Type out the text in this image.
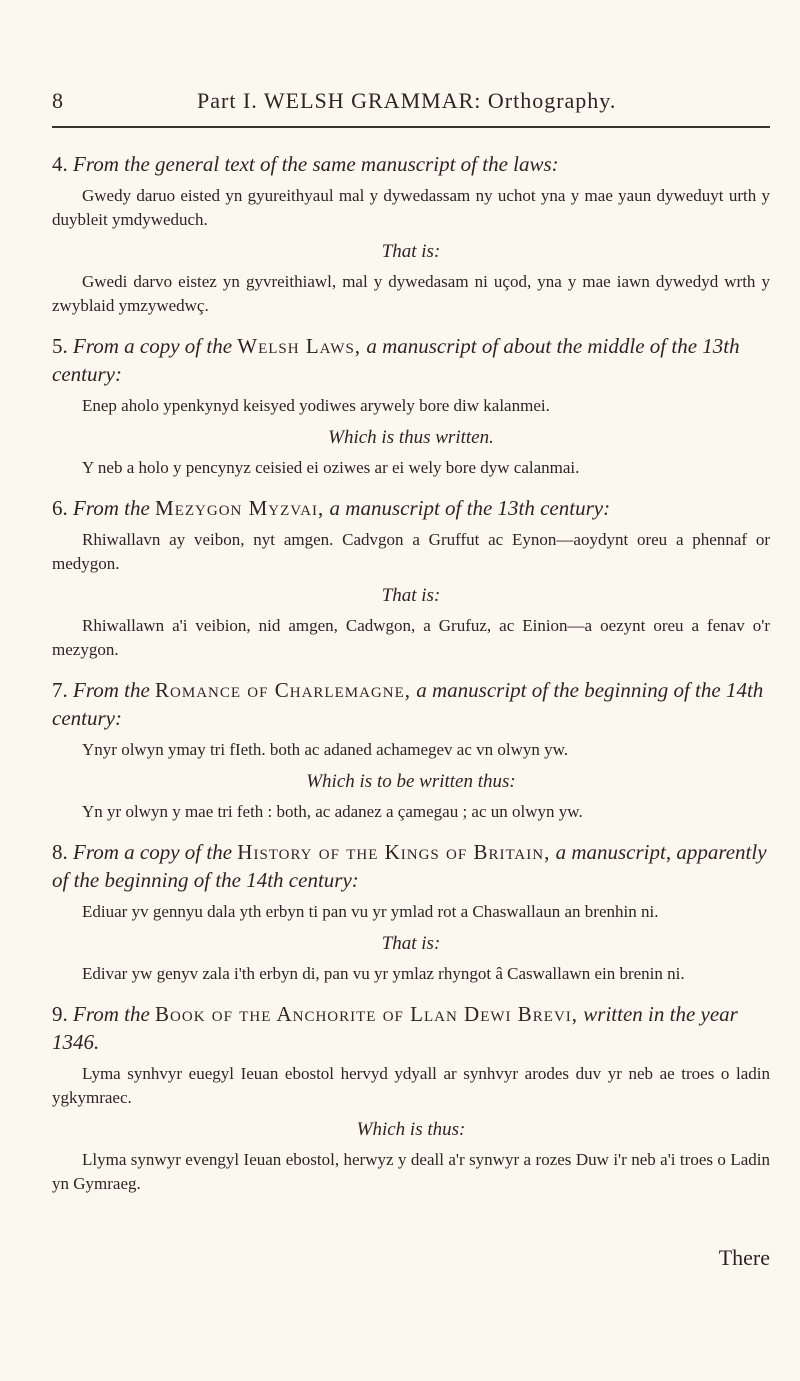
8	Part I. WELSH GRAMMAR: Orthography.
4. From the general text of the same manuscript of the laws:

Gwedy daruo eisted yn gyureithyaul mal y dywedassam ny uchot yna y mae yaun dyweduyt urth y duybleit ymdyweduch.

That is:

Gwedi darvo eistez yn gyvreithiawl, mal y dywedasam ni uçod, yna y mae iawn dywedyd wrth y zwyblaid ymzywedwç.

5. From a copy of the Welsh Laws, a manuscript of about the middle of the 13th century:

Enep aholo ypenkynyd keisyed yodiwes arywely bore diw kalanmei.

Which is thus written.

Y neb a holo y pencynyz ceisied ei oziwes ar ei wely bore dyw calanmai.

6. From the Mezygon Myzvai, a manuscript of the 13th century:

Rhiwallavn ay veibon, nyt amgen. Cadvgon a Gruffut ac Eynon—aoydynt oreu a phennaf or medygon.

That is:

Rhiwallawn a'i veibion, nid amgen, Cadwgon, a Grufuz, ac Einion—a oezynt oreu a fenav o'r mezygon.

7. From the Romance of Charlemagne, a manuscript of the beginning of the 14th century:

Ynyr olwyn ymay tri fIeth. both ac adaned achamegev ac vn olwyn yw.

Which is to be written thus:

Yn yr olwyn y mae tri feth : both, ac adanez a çamegau ; ac un olwyn yw.

8. From a copy of the History of the Kings of Britain, a manuscript, apparently of the beginning of the 14th century:

Ediuar yv gennyu dala yth erbyn ti pan vu yr ymlad rot a Chaswallaun an brenhin ni.

That is:

Edivar yw genyv zala i'th erbyn di, pan vu yr ymlaz rhyngot â Caswallawn ein brenin ni.

9. From the Book of the Anchorite of Llan Dewi Brevi, written in the year 1346.

Lyma synhvyr euegyl Ieuan ebostol hervyd ydyall ar synhvyr arodes duv yr neb ae troes o ladin ygkymraec.

Which is thus:

Llyma synwyr evengyl Ieuan ebostol, herwyz y deall a'r synwyr a rozes Duw i'r neb a'i troes o Ladin yn Gymraeg.

There
